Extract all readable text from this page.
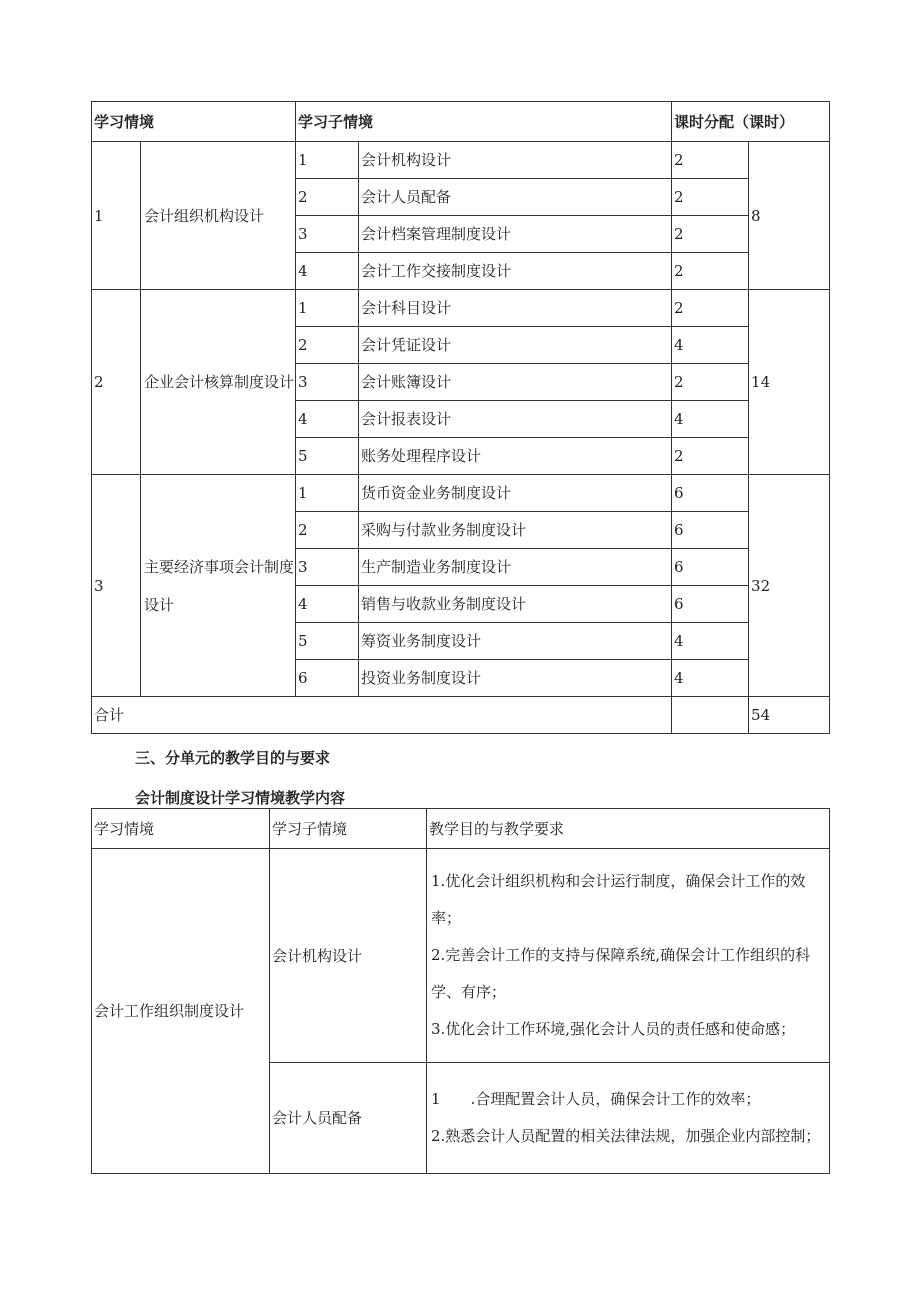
学习情境		学习子情境		课时分配（课时）	
1	会计组织机构设计	1	会计机构设计	2	8
		2	会计人员配备	2	
		3	会计档案管理制度设计	2	
		4	会计工作交接制度设计	2	
2	企业会计核算制度设计	1	会计科目设计	2	14
		2	会计凭证设计	4	
		3	会计账簿设计	2	
		4	会计报表设计	4	
		5	账务处理程序设计	2	
3	主要经济事项会计制度设计	1	货币资金业务制度设计	6	32
		2	采购与付款业务制度设计	6	
		3	生产制造业务制度设计	6	
		4	销售与收款业务制度设计	6	
		5	筹资业务制度设计	4	
		6	投资业务制度设计	4	
合计					54
三、分单元的教学目的与要求
会计制度设计学习情境教学内容
学习情境	学习子情境	教学目的与教学要求

会计工作组织制度设计	会计机构设计	1.优化会计组织机构和会计运行制度，确保会计工作的效率；

2.完善会计工作的支持与保障系统,确保会计工作组织的科学、有序；

3.优化会计工作环境,强化会计人员的责任感和使命感；

	会计人员配备	1　　.合理配置会计人员，确保会计工作的效率；

2.熟悉会计人员配置的相关法律法规，加强企业内部控制；
